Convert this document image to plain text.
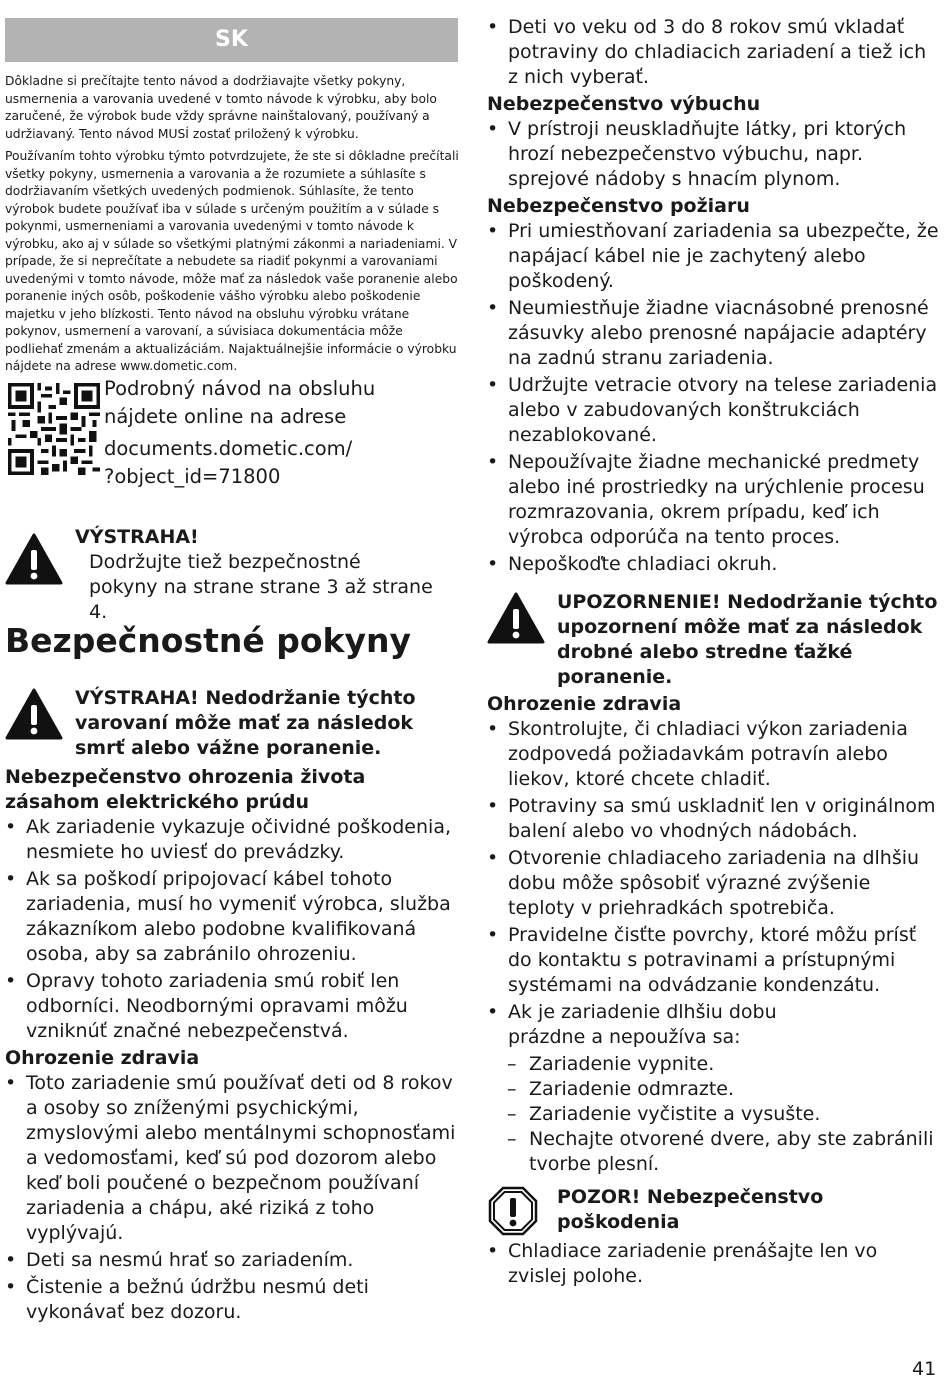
SK

Dôkladne si prečítajte tento návod a dodržiavajte všetky pokyny, usmernenia a varovania uvedené v tomto návode k výrobku, aby bolo zaručené, že výrobok bude vždy správne nainštalovaný, používaný a udržiavaný. Tento návod MUSÍ zostať priložený k výrobku.

Používaním tohto výrobku týmto potvrdzujete, že ste si dôkladne prečítali všetky pokyny, usmernenia a varovania a že rozumiete a súhlasíte s dodržiavaním všetkých uvedených podmienok. Súhlasíte, že tento výrobok budete používať iba v súlade s určeným použitím a v súlade s pokynmi, usmerneniami a varovania uvedenými v tomto návode k výrobku, ako aj v súlade so všetkými platnými zákonmi a nariadeniami. V prípade, že si neprečítate a nebudete sa riadiť pokynmi a varovaniami uvedenými v tomto návode, môže mať za následok vaše poranenie alebo poranenie iných osôb, poškodenie vášho výrobku alebo poškodenie majetku v jeho blízkosti. Tento návod na obsluhu výrobku vrátane pokynov, usmernení a varovaní, a súvisiaca dokumentácia môže podliehať zmenám a aktualizáciám. Najaktuálnejšie informácie o výrobku nájdete na adrese www.dometic.com.

Podrobný návod na obsluhu nájdete online na adrese

documents.dometic.com/ ?object_id=71800

VÝSTRAHA!

Dodržujte tiež bezpečnostné pokyny na strane strane 3 až strane 4.

Bezpečnostné pokyny

VÝSTRAHA! Nedodržanie týchto varovaní môže mať za následok smrť alebo vážne poranenie.

Nebezpečenstvo ohrozenia života zásahom elektrického prúdu

• Ak zariadenie vykazuje očividné poškodenia, nesmiete ho uviesť do prevádzky.
• Ak sa poškodí pripojovací kábel tohoto zariadenia, musí ho vymeniť výrobca, služba zákazníkom alebo podobne kvalifikovaná osoba, aby sa zabránilo ohrozeniu.
• Opravy tohoto zariadenia smú robiť len odborníci. Neodbornými opravami môžu vzniknúť značné nebezpečenstvá.

Ohrozenie zdravia

• Toto zariadenie smú používať deti od 8 rokov a osoby so zníženými psychickými, zmyslovými alebo mentálnymi schopnosťami a vedomosťami, keď sú pod dozorom alebo keď boli poučené o bezpečnom používaní zariadenia a chápu, aké riziká z toho vyplývajú.
• Deti sa nesmú hrať so zariadením.
• Čistenie a bežnú údržbu nesmú deti vykonávať bez dozoru.
• Deti vo veku od 3 do 8 rokov smú vkladať potraviny do chladiacich zariadení a tiež ich z nich vyberať.

Nebezpečenstvo výbuchu

• V prístroji neuskladňujte látky, pri ktorých hrozí nebezpečenstvo výbuchu, napr. sprejové nádoby s hnacím plynom.

Nebezpečenstvo požiaru

• Pri umiestňovaní zariadenia sa ubezpečte, že napájací kábel nie je zachytený alebo poškodený.
• Neumiestňuje žiadne viacnásobné prenosné zásuvky alebo prenosné napájacie adaptéry na zadnú stranu zariadenia.
• Udržujte vetracie otvory na telese zariadenia alebo v zabudovaných konštrukciách nezablokované.
• Nepoužívajte žiadne mechanické predmety alebo iné prostriedky na urýchlenie procesu rozmrazovania, okrem prípadu, keď ich výrobca odporúča na tento proces.
• Nepoškoďte chladiaci okruh.

UPOZORNENIE! Nedodržanie týchto upozornení môže mať za následok drobné alebo stredne ťažké poranenie.

Ohrozenie zdravia

• Skontrolujte, či chladiaci výkon zariadenia zodpovedá požiadavkám potravín alebo liekov, ktoré chcete chladiť.
• Potraviny sa smú uskladniť len v originálnom balení alebo vo vhodných nádobách.
• Otvorenie chladiaceho zariadenia na dlhšiu dobu môže spôsobiť výrazné zvýšenie teploty v priehradkách spotrebiča.
• Pravidelne čisťte povrchy, ktoré môžu prísť do kontaktu s potravinami a prístupnými systémami na odvádzanie kondenzátu.
• Ak je zariadenie dlhšiu dobu prázdne a nepoužíva sa:
– Zariadenie vypnite.
– Zariadenie odmrazte.
– Zariadenie vyčistite a vysušte.
– Nechajte otvorené dvere, aby ste zabránili tvorbe plesní.

POZOR! Nebezpečenstvo poškodenia

• Chladiace zariadenie prenášajte len vo zvislej polohe.
41
